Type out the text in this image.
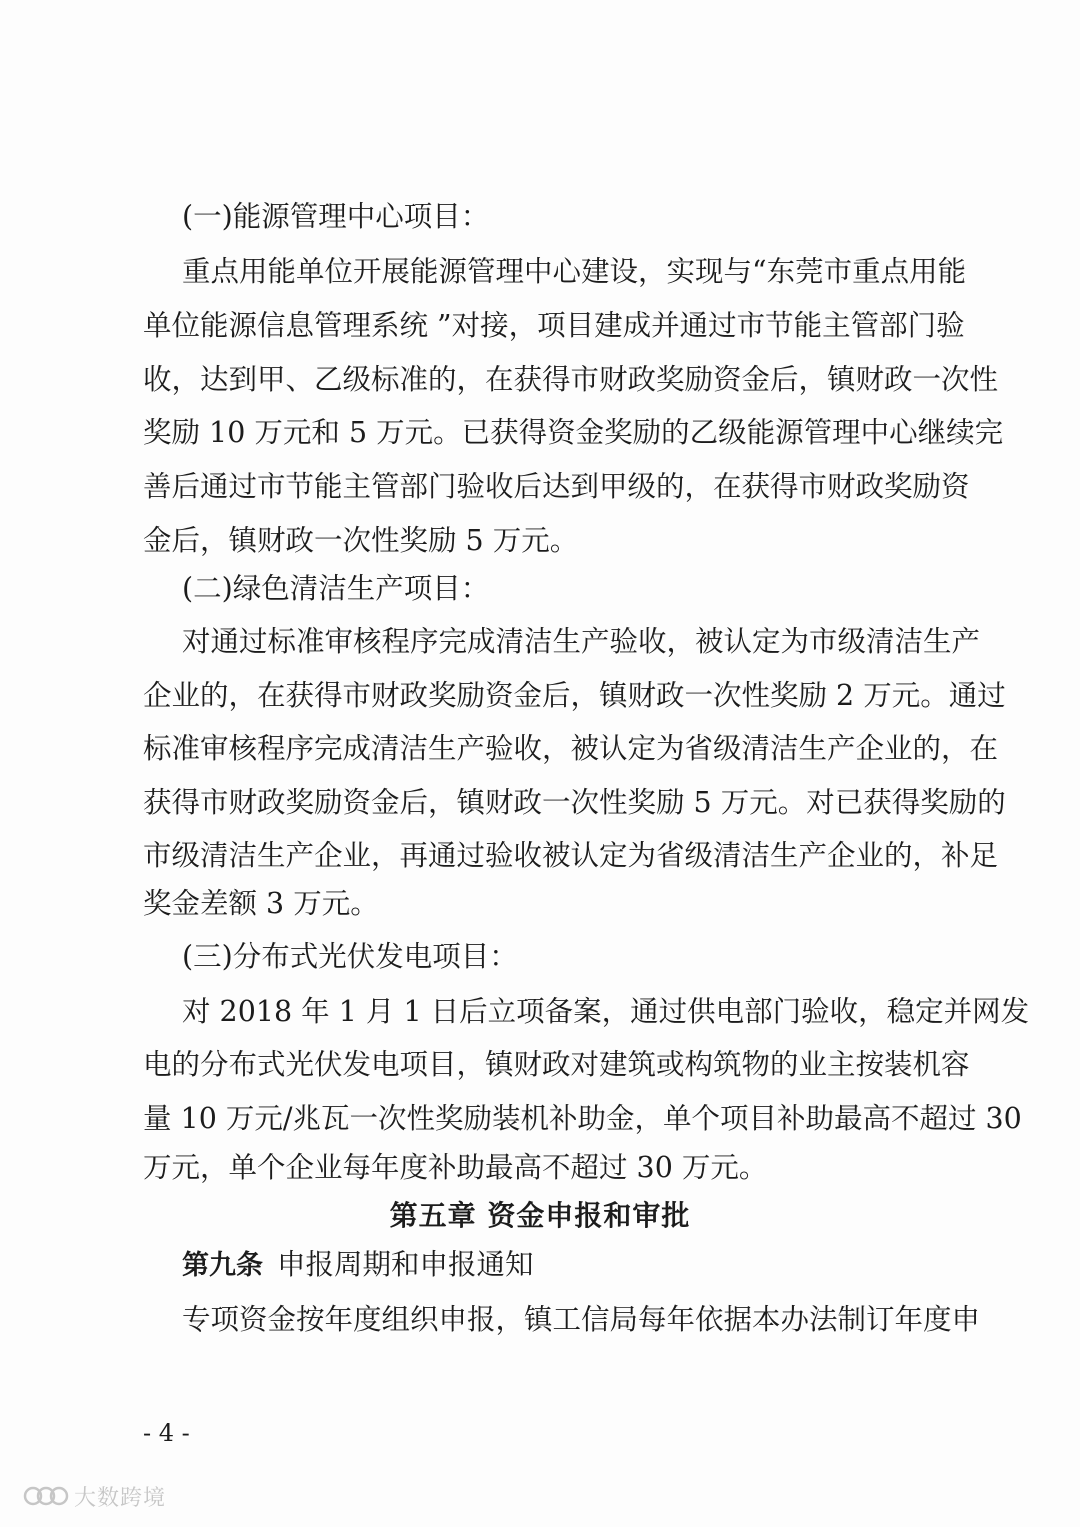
(一)能源管理中心项目：
重点用能单位开展能源管理中心建设，实现与“东莞市重点用能
单位能源信息管理系统 ”对接，项目建成并通过市节能主管部门验
收，达到甲、乙级标准的，在获得市财政奖励资金后，镇财政一次性
奖励 10 万元和 5 万元。已获得资金奖励的乙级能源管理中心继续完
善后通过市节能主管部门验收后达到甲级的，在获得市财政奖励资
金后，镇财政一次性奖励 5 万元。
(二)绿色清洁生产项目：
对通过标准审核程序完成清洁生产验收，被认定为市级清洁生产
企业的，在获得市财政奖励资金后，镇财政一次性奖励 2 万元。通过
标准审核程序完成清洁生产验收，被认定为省级清洁生产企业的，在
获得市财政奖励资金后，镇财政一次性奖励 5 万元。对已获得奖励的
市级清洁生产企业，再通过验收被认定为省级清洁生产企业的，补足
奖金差额 3 万元。
(三)分布式光伏发电项目：
对 2018 年 1 月 1 日后立项备案，通过供电部门验收，稳定并网发
电的分布式光伏发电项目，镇财政对建筑或构筑物的业主按装机容
量 10 万元/兆瓦一次性奖励装机补助金，单个项目补助最高不超过 30
万元，单个企业每年度补助最高不超过 30 万元。
第五章 资金申报和审批
第九条 申报周期和申报通知
专项资金按年度组织申报，镇工信局每年依据本办法制订年度申
- 4 -
大数跨境
